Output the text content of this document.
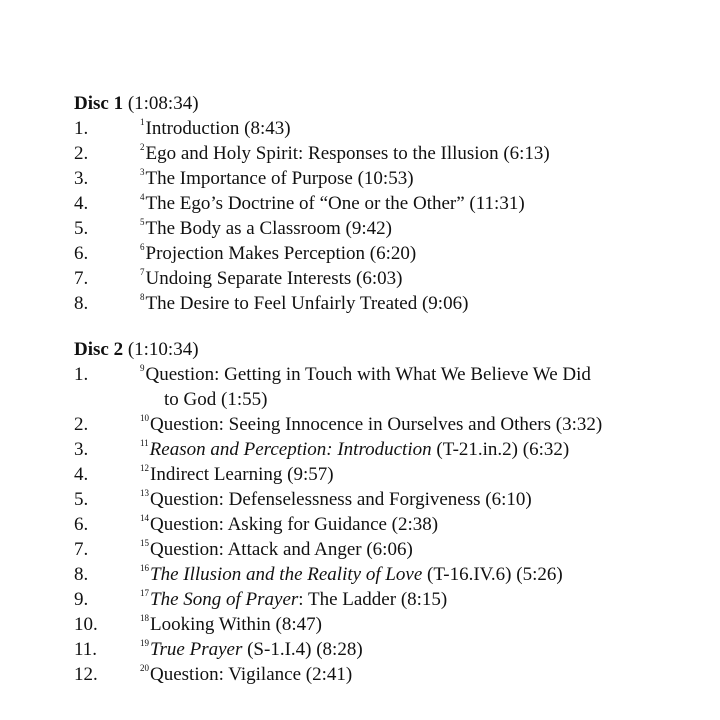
Disc 1 (1:08:34)
1.	$^1$Introduction (8:43)
2.	$^2$Ego and Holy Spirit: Responses to the Illusion (6:13)
3.	$^3$The Importance of Purpose (10:53)
4.	$^4$The Ego’s Doctrine of “One or the Other” (11:31)
5.	$^5$The Body as a Classroom (9:42)
6.	$^6$Projection Makes Perception (6:20)
7.	$^7$Undoing Separate Interests (6:03)
8.	$^8$The Desire to Feel Unfairly Treated (9:06)
Disc 2 (1:10:34)
1.	$^9$Question: Getting in Touch with What We Believe We Did
to God (1:55)
2.	$^{10}$Question: Seeing Innocence in Ourselves and Others (3:32)
3.	$^{11}$Reason and Perception: Introduction (T-21.in.2) (6:32)
4.	$^{12}$Indirect Learning (9:57)
5.	$^{13}$Question: Defenselessness and Forgiveness (6:10)
6.	$^{14}$Question: Asking for Guidance (2:38)
7.	$^{15}$Question: Attack and Anger (6:06)
8.	$^{16}$The Illusion and the Reality of Love (T-16.IV.6) (5:26)
9.	$^{17}$The Song of Prayer: The Ladder (8:15)
10.	$^{18}$Looking Within (8:47)
11.	$^{19}$True Prayer (S-1.I.4) (8:28)
12.	$^{20}$Question: Vigilance (2:41)
